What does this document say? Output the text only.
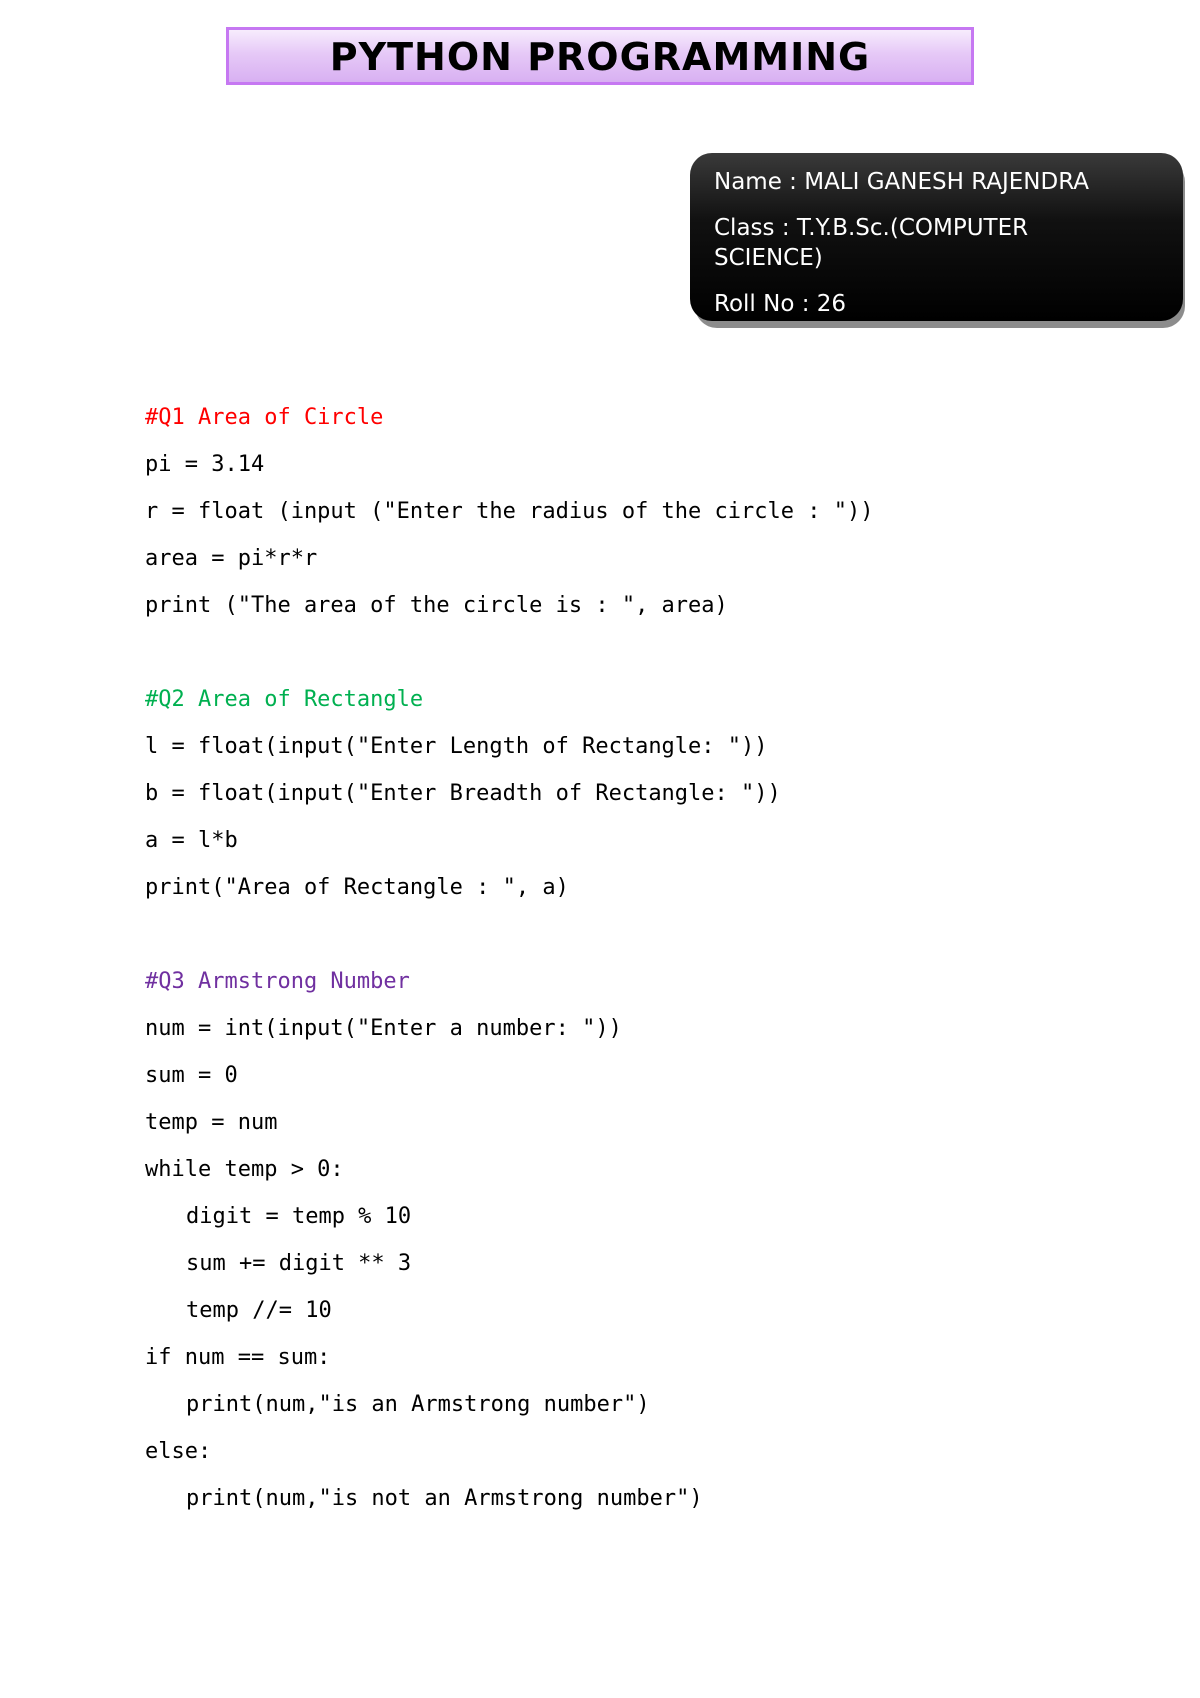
PYTHON PROGRAMMING
Name : MALI GANESH RAJENDRA
Class : T.Y.B.Sc.(COMPUTER SCIENCE)
Roll No : 26
#Q1 Area of Circle
pi = 3.14
r = float (input ("Enter the radius of the circle : "))
area = pi*r*r
print ("The area of the circle is : ", area)
#Q2 Area of Rectangle
l = float(input("Enter Length of Rectangle: "))
b = float(input("Enter Breadth of Rectangle: "))
a = l*b
print("Area of Rectangle : ", a)
#Q3 Armstrong Number
num = int(input("Enter a number: "))
sum = 0
temp = num
while temp > 0:
digit = temp % 10
sum += digit ** 3
temp //= 10
if num == sum:
print(num,"is an Armstrong number")
else:
print(num,"is not an Armstrong number")
